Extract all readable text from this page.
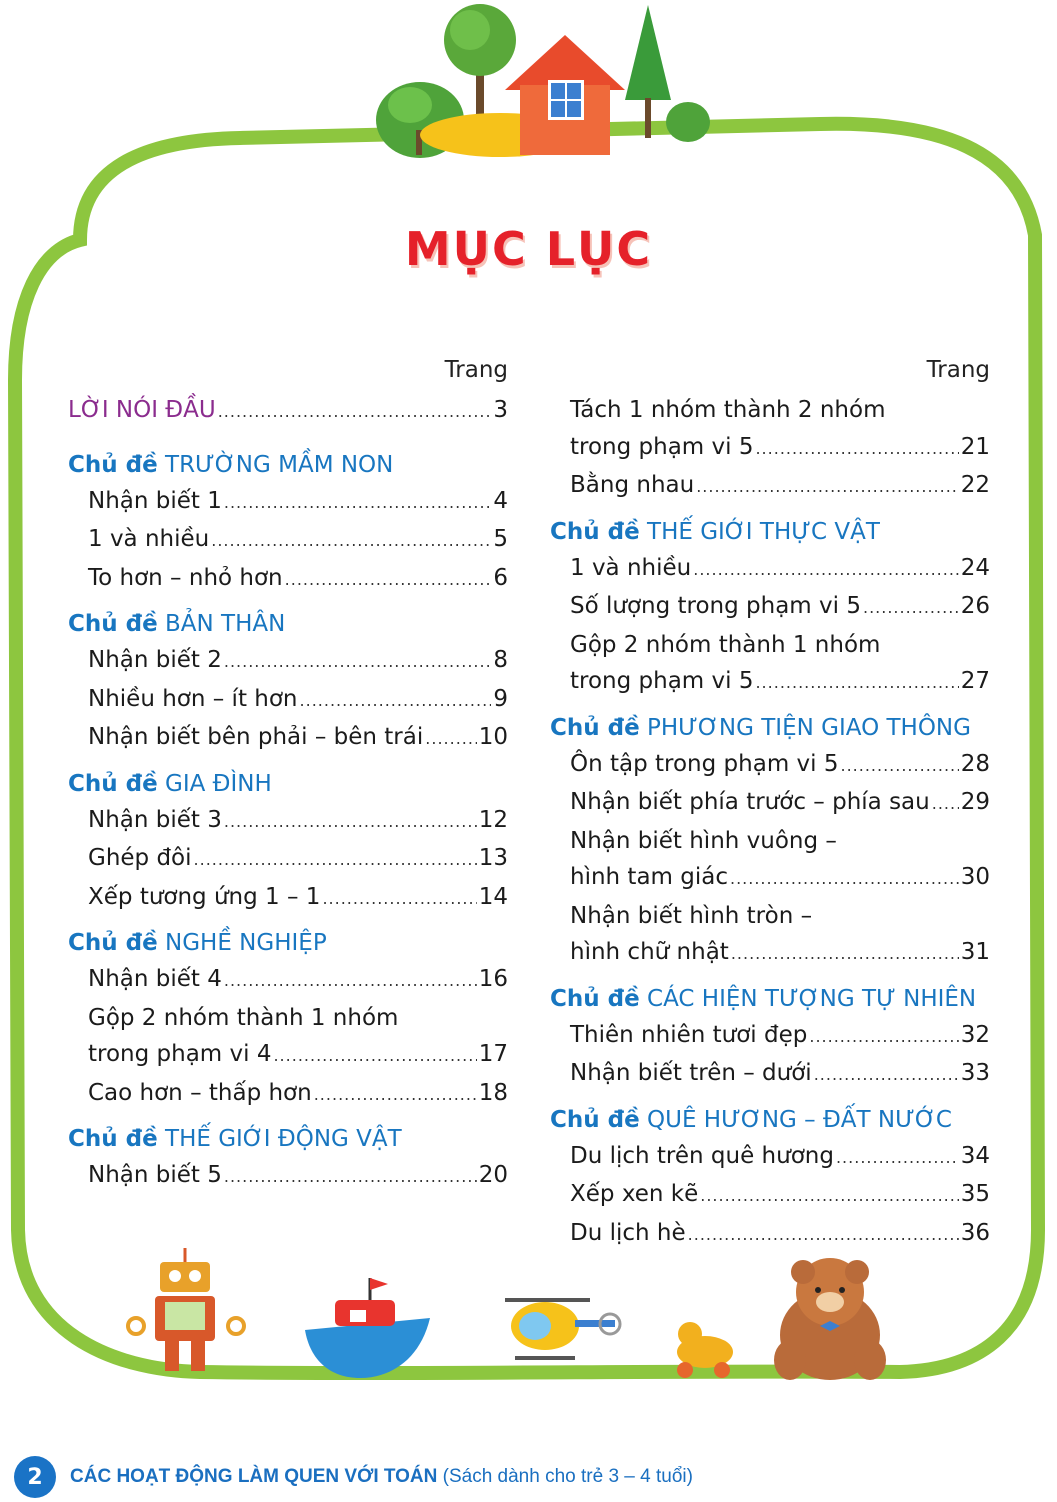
MỤC LỤC
Trang
LỜI NÓI ĐẦU .....	3
Chủ đề TRƯỜNG MẦM NON
Nhận biết 1 .....	4
1 và nhiều .....	5
To hơn – nhỏ hơn .....	6
Chủ đề BẢN THÂN
Nhận biết 2 .....	8
Nhiều hơn – ít hơn .....	9
Nhận biết bên phải – bên trái ..... 10
Chủ đề GIA ĐÌNH
Nhận biết 3 .....	12
Ghép đôi .....	13
Xếp tương ứng 1 – 1 .....	14
Chủ đề NGHỀ NGHIỆP
Nhận biết 4 .....	16
Gộp 2 nhóm thành 1 nhóm
trong phạm vi 4 .....	17
Cao hơn – thấp hơn .....	18
Chủ đề THẾ GIỚI ĐỘNG VẬT
Nhận biết 5 .....	20
Trang
Tách 1 nhóm thành 2 nhóm
trong phạm vi 5 .....	21
Bằng nhau .....	22
Chủ đề THẾ GIỚI THỰC VẬT
1 và nhiều .....	24
Số lượng trong phạm vi 5 .....	26
Gộp 2 nhóm thành 1 nhóm
trong phạm vi 5 .....	27
Chủ đề PHƯƠNG TIỆN GIAO THÔNG
Ôn tập trong phạm vi 5 .....	28
Nhận biết phía trước – phía sau ..... 29
Nhận biết hình vuông –
hình tam giác .....	30
Nhận biết hình tròn –
hình chữ nhật .....	31
Chủ đề CÁC HIỆN TƯỢNG TỰ NHIÊN
Thiên nhiên tươi đẹp .....	32
Nhận biết trên – dưới .....	33
Chủ đề QUÊ HƯƠNG – ĐẤT NƯỚC
Du lịch trên quê hương .....	34
Xếp xen kẽ .....	35
Du lịch hè .....	36
2	CÁC HOẠT ĐỘNG LÀM QUEN VỚI TOÁN (Sách dành cho trẻ 3 – 4 tuổi)
